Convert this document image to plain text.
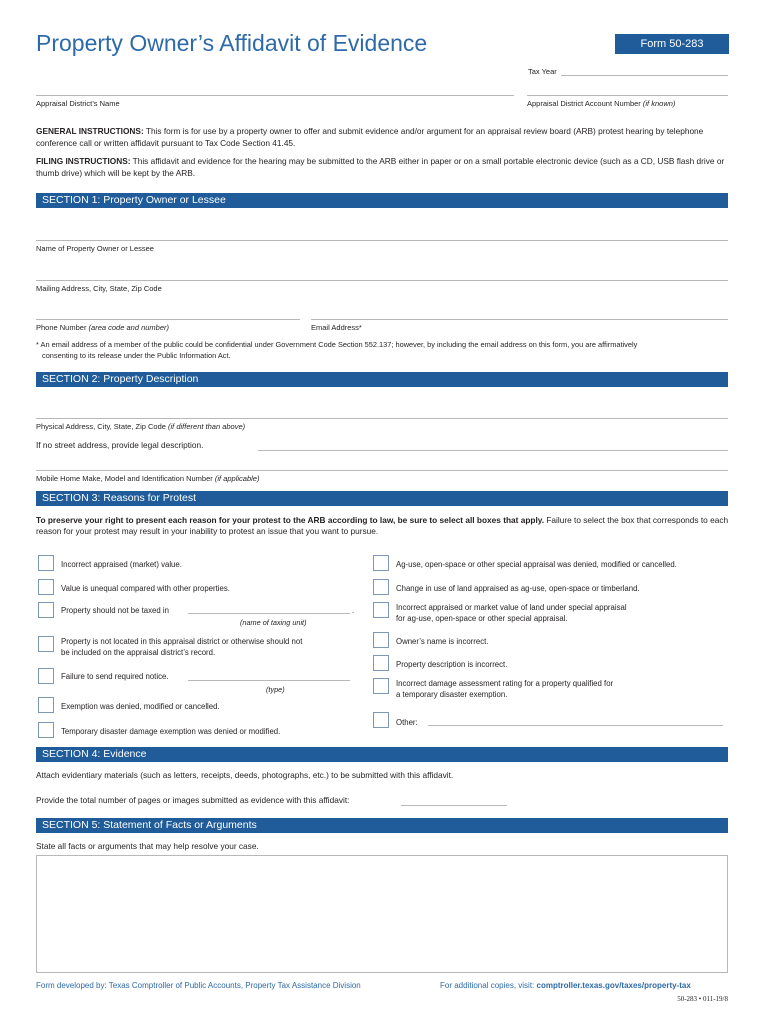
Property Owner’s Affidavit of Evidence	Form 50-283
Tax Year
Appraisal District’s Name	Appraisal District Account Number (if known)
GENERAL INSTRUCTIONS: This form is for use by a property owner to offer and submit evidence and/or argument for an appraisal review board (ARB) protest hearing by telephone conference call or written affidavit pursuant to Tax Code Section 41.45.
FILING INSTRUCTIONS: This affidavit and evidence for the hearing may be submitted to the ARB either in paper or on a small portable electronic device (such as a CD, USB flash drive or thumb drive) which will be kept by the ARB.
SECTION 1: Property Owner or Lessee
Name of Property Owner or Lessee
Mailing Address, City, State, Zip Code
Phone Number (area code and number)	Email Address*
* An email address of a member of the public could be confidential under Government Code Section 552.137; however, by including the email address on this form, you are affirmatively
consenting to its release under the Public Information Act.
SECTION 2: Property Description
Physical Address, City, State, Zip Code (if different than above)
If no street address, provide legal description.
Mobile Home Make, Model and Identification Number (if applicable)
SECTION 3: Reasons for Protest
To preserve your right to present each reason for your protest to the ARB according to law, be sure to select all boxes that apply. Failure to select the box that corresponds to each reason for your protest may result in your inability to protest an issue that you want to pursue.
Incorrect appraised (market) value.
Value is unequal compared with other properties.
Property should not be taxed in	.
(name of taxing unit)
Property is not located in this appraisal district or otherwise should not
be included on the appraisal district’s record.
Failure to send required notice.
(type)
Exemption was denied, modified or cancelled.
Temporary disaster damage exemption was denied or modified.
Ag-use, open-space or other special appraisal was denied, modified or cancelled.
Change in use of land appraised as ag-use, open-space or timberland.
Incorrect appraised or market value of land under special appraisal
for ag-use, open-space or other special appraisal.
Owner’s name is incorrect.
Property description is incorrect.
Incorrect damage assessment rating for a property qualified for
a temporary disaster exemption.
Other:
SECTION 4: Evidence
Attach evidentiary materials (such as letters, receipts, deeds, photographs, etc.) to be submitted with this affidavit.
Provide the total number of pages or images submitted as evidence with this affidavit:
SECTION 5: Statement of Facts or Arguments
State all facts or arguments that may help resolve your case.
Form developed by: Texas Comptroller of Public Accounts, Property Tax Assistance Division	For additional copies, visit: comptroller.texas.gov/taxes/property-tax
50-283 • 011-19/8
